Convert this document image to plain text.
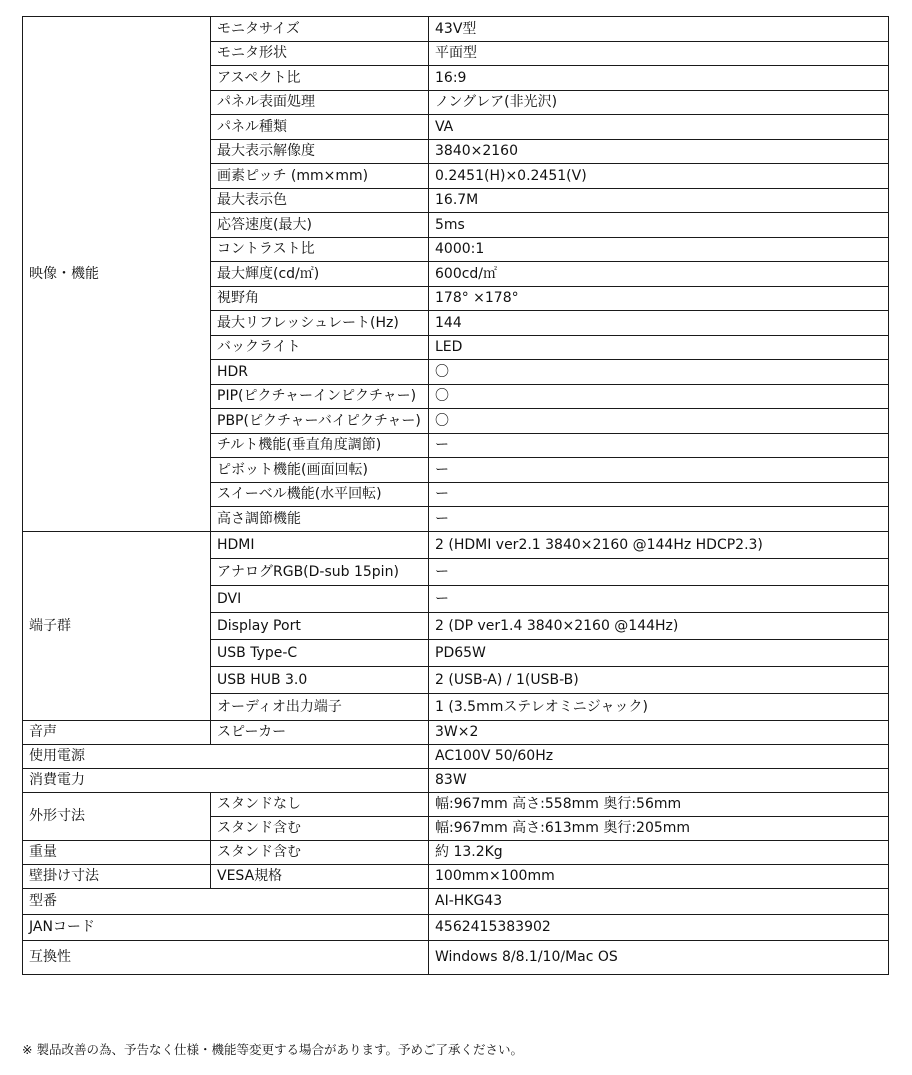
映像・機能	モニタサイズ	43V型
	モニタ形状	平面型
	アスペクト比	16:9
	パネル表面処理	ノングレア(非光沢)
	パネル種類	VA
	最大表示解像度	3840×2160
	画素ピッチ (mm×mm)	0.2451(H)×0.2451(V)
	最大表示色	16.7M
	応答速度(最大)	5ms
	コントラスト比	4000:1
	最大輝度(cd/㎡)	600cd/㎡
	視野角	178° ×178°
	最大リフレッシュレート(Hz)	144
	バックライト	LED
	HDR	〇
	PIP(ピクチャーインピクチャー)	〇
	PBP(ピクチャーバイピクチャー)	〇
	チルト機能(垂直角度調節)	ー
	ピボット機能(画面回転)	ー
	スイーベル機能(水平回転)	ー
	高さ調節機能	ー
端子群	HDMI	2 (HDMI ver2.1 3840×2160 @144Hz HDCP2.3)
	アナログRGB(D-sub 15pin)	ー
	DVI	ー
	Display Port	2 (DP ver1.4 3840×2160 @144Hz)
	USB Type-C	PD65W
	USB HUB 3.0	2 (USB-A) / 1(USB-B)
	オーディオ出力端子	1 (3.5mmステレオミニジャック)
音声	スピーカー	3W×2
使用電源		AC100V 50/60Hz
消費電力		83W
外形寸法	スタンドなし	幅:967mm 高さ:558mm 奥行:56mm
	スタンド含む	幅:967mm 高さ:613mm 奥行:205mm
重量	スタンド含む	約 13.2Kg
壁掛け寸法	VESA規格	100mm×100mm
型番		AI-HKG43
JANコード		4562415383902
互換性		Windows 8/8.1/10/Mac OS
※ 製品改善の為、予告なく仕様・機能等変更する場合があります。予めご了承ください。
